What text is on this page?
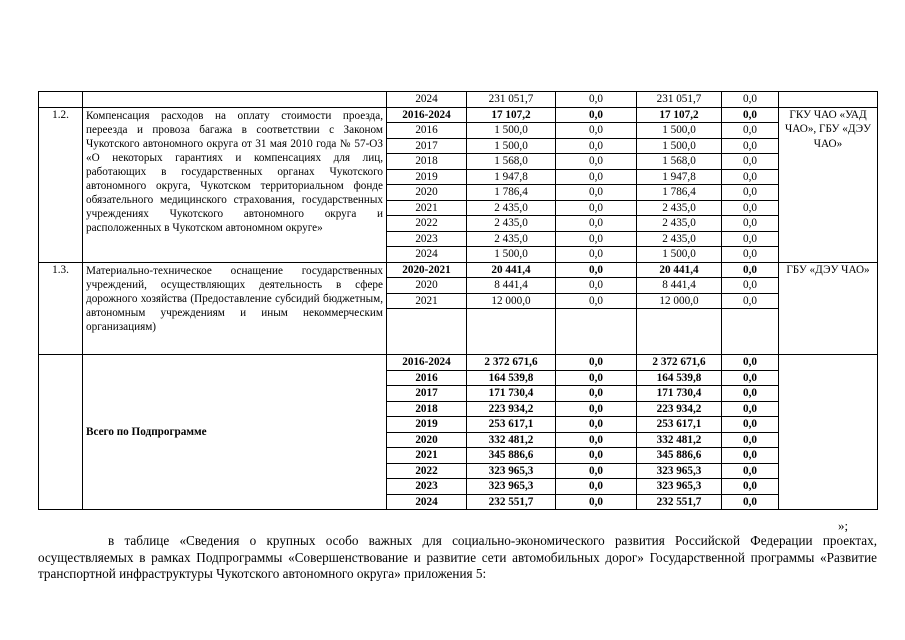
		2024	231 051,7	0,0	231 051,7	0,0	
1.2.	Компенсация расходов на оплату стоимости проезда, переезда и провоза багажа в соответствии с Законом Чукотского автономного округа от 31 мая 2010 года № 57-ОЗ «О некоторых гарантиях и компенсациях для лиц, работающих в государственных органах Чукотского автономного округа, Чукотском территориальном фонде обязательного медицинского страхования, государственных учреждениях Чукотского автономного округа и расположенных в Чукотском автономном округе»	2016-2024	17 107,2	0,0	17 107,2	0,0	ГКУ ЧАО «УАД ЧАО», ГБУ «ДЭУ ЧАО»
		2016	1 500,0	0,0	1 500,0	0,0	
		2017	1 500,0	0,0	1 500,0	0,0	
		2018	1 568,0	0,0	1 568,0	0,0	
		2019	1 947,8	0,0	1 947,8	0,0	
		2020	1 786,4	0,0	1 786,4	0,0	
		2021	2 435,0	0,0	2 435,0	0,0	
		2022	2 435,0	0,0	2 435,0	0,0	
		2023	2 435,0	0,0	2 435,0	0,0	
		2024	1 500,0	0,0	1 500,0	0,0	
1.3.	Материально-техническое оснащение государственных учреждений, осуществляющих деятельность в сфере дорожного хозяйства (Предоставление субсидий бюджетным, автономным учреждениям и иным некоммерческим организациям)	2020-2021	20 441,4	0,0	20 441,4	0,0	ГБУ «ДЭУ ЧАО»
		2020	8 441,4	0,0	8 441,4	0,0	
		2021	12 000,0	0,0	12 000,0	0,0	

	Всего по Подпрограмме	2016-2024	2 372 671,6	0,0	2 372 671,6	0,0	
		2016	164 539,8	0,0	164 539,8	0,0	
		2017	171 730,4	0,0	171 730,4	0,0	
		2018	223 934,2	0,0	223 934,2	0,0	
		2019	253 617,1	0,0	253 617,1	0,0	
		2020	332 481,2	0,0	332 481,2	0,0	
		2021	345 886,6	0,0	345 886,6	0,0	
		2022	323 965,3	0,0	323 965,3	0,0	
		2023	323 965,3	0,0	323 965,3	0,0	
		2024	232 551,7	0,0	232 551,7	0,0	
»;
в таблице «Сведения о крупных особо важных для социально-экономического развития Российской Федерации проектах, осуществляемых в рамках Подпрограммы «Совершенствование и развитие сети автомобильных дорог» Государственной программы «Развитие транспортной инфраструктуры Чукотского автономного округа» приложения 5:
